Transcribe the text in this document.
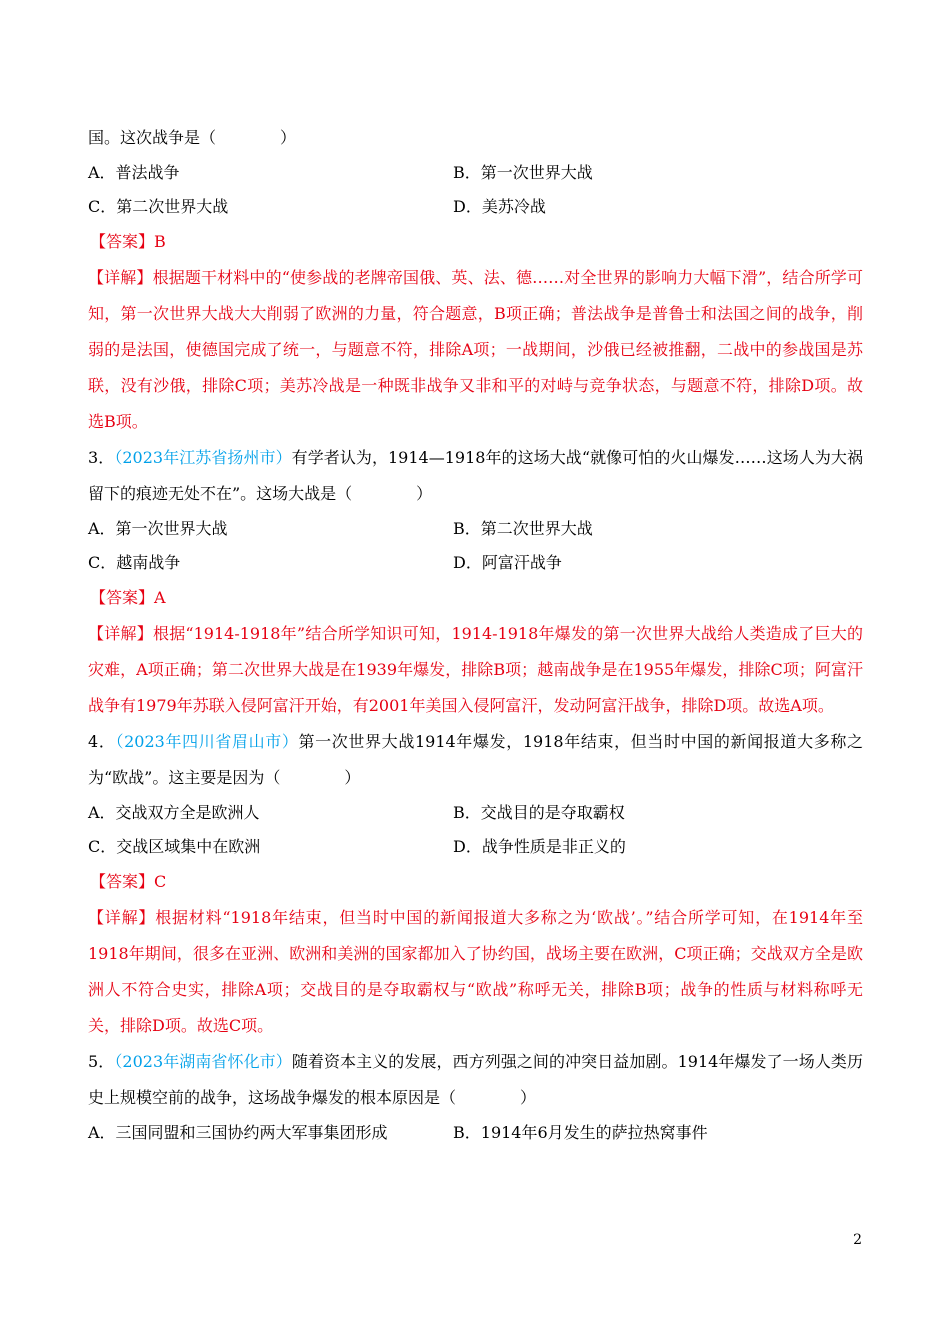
国。这次战争是（　　　　）
A．普法战争	B．第一次世界大战
C．第二次世界大战	D．美苏冷战
【答案】B
【详解】根据题干材料中的“使参战的老牌帝国俄、英、法、德……对全世界的影响力大幅下滑”，结合所学可知，第一次世界大战大大削弱了欧洲的力量，符合题意，B项正确；普法战争是普鲁士和法国之间的战争，削弱的是法国，使德国完成了统一，与题意不符，排除A项；一战期间，沙俄已经被推翻，二战中的参战国是苏联，没有沙俄，排除C项；美苏冷战是一种既非战争又非和平的对峙与竞争状态，与题意不符，排除D项。故选B项。
3．（2023年江苏省扬州市）有学者认为，1914—1918年的这场大战“就像可怕的火山爆发……这场人为大祸留下的痕迹无处不在”。这场大战是（　　　　）
A．第一次世界大战	B．第二次世界大战
C．越南战争	D．阿富汗战争
【答案】A
【详解】根据“1914-1918年”结合所学知识可知，1914-1918年爆发的第一次世界大战给人类造成了巨大的灾难，A项正确；第二次世界大战是在1939年爆发，排除B项；越南战争是在1955年爆发，排除C项；阿富汗战争有1979年苏联入侵阿富汗开始，有2001年美国入侵阿富汗，发动阿富汗战争，排除D项。故选A项。
4．（2023年四川省眉山市）第一次世界大战1914年爆发，1918年结束，但当时中国的新闻报道大多称之为“欧战”。这主要是因为（　　　　）
A．交战双方全是欧洲人	B．交战目的是夺取霸权
C．交战区域集中在欧洲	D．战争性质是非正义的
【答案】C
【详解】根据材料“1918年结束，但当时中国的新闻报道大多称之为‘欧战’。”结合所学可知，在1914年至1918年期间，很多在亚洲、欧洲和美洲的国家都加入了协约国，战场主要在欧洲，C项正确；交战双方全是欧洲人不符合史实，排除A项；交战目的是夺取霸权与“欧战”称呼无关，排除B项；战争的性质与材料称呼无关，排除D项。故选C项。
5．（2023年湖南省怀化市）随着资本主义的发展，西方列强之间的冲突日益加剧。1914年爆发了一场人类历史上规模空前的战争，这场战争爆发的根本原因是（　　　　）
A．三国同盟和三国协约两大军事集团形成	B．1914年6月发生的萨拉热窝事件
2
